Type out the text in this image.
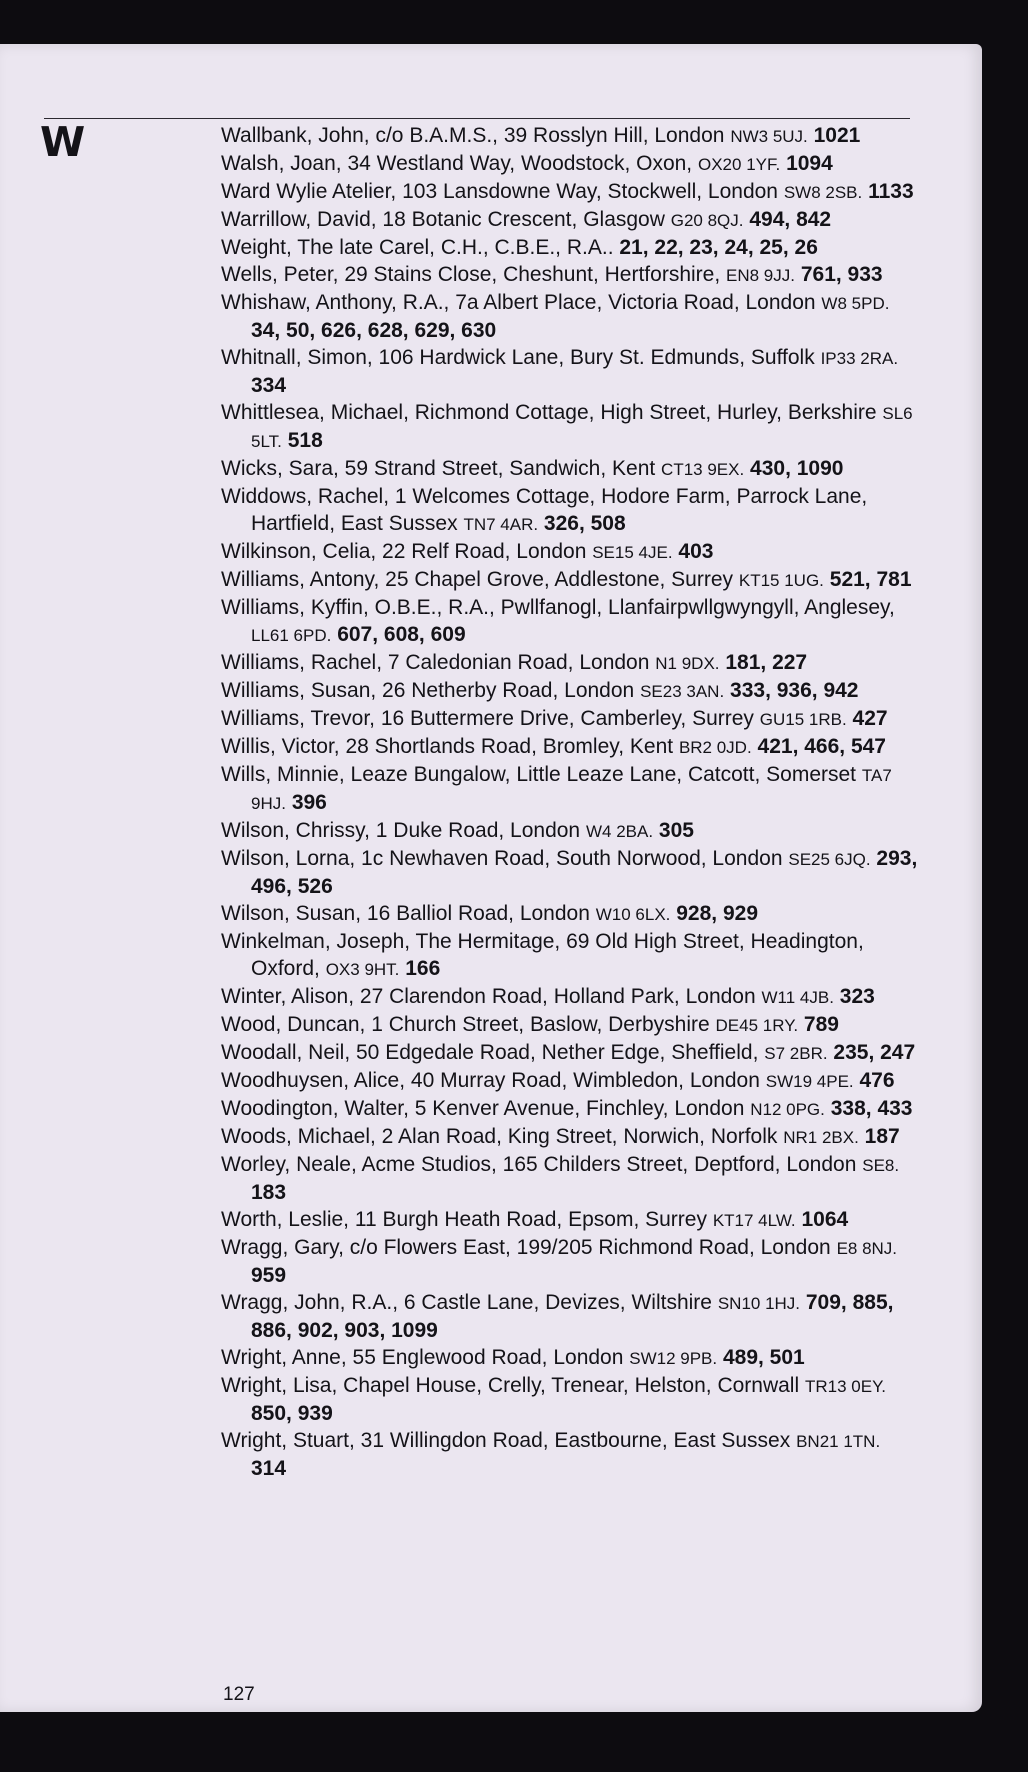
W	Wallbank, John, c/o B.A.M.S., 39 Rosslyn Hill, London NW3 5UJ. 1021

Walsh, Joan, 34 Westland Way, Woodstock, Oxon, OX20 1YF. 1094

Ward Wylie Atelier, 103 Lansdowne Way, Stockwell, London SW8 2SB. 1133

Warrillow, David, 18 Botanic Crescent, Glasgow G20 8QJ. 494, 842

Weight, The late Carel, C.H., C.B.E., R.A.. 21, 22, 23, 24, 25, 26

Wells, Peter, 29 Stains Close, Cheshunt, Hertforshire, EN8 9JJ. 761, 933

Whishaw, Anthony, R.A., 7a Albert Place, Victoria Road, London W8 5PD. 34, 50, 626, 628, 629, 630

Whitnall, Simon, 106 Hardwick Lane, Bury St. Edmunds, Suffolk IP33 2RA. 334

Whittlesea, Michael, Richmond Cottage, High Street, Hurley, Berkshire SL6 5LT. 518

Wicks, Sara, 59 Strand Street, Sandwich, Kent CT13 9EX. 430, 1090

Widdows, Rachel, 1 Welcomes Cottage, Hodore Farm, Parrock Lane, Hartfield, East Sussex TN7 4AR. 326, 508

Wilkinson, Celia, 22 Relf Road, London SE15 4JE. 403

Williams, Antony, 25 Chapel Grove, Addlestone, Surrey KT15 1UG. 521, 781

Williams, Kyffin, O.B.E., R.A., Pwllfanogl, Llanfairpwllgwyngyll, Anglesey, LL61 6PD. 607, 608, 609

Williams, Rachel, 7 Caledonian Road, London N1 9DX. 181, 227

Williams, Susan, 26 Netherby Road, London SE23 3AN. 333, 936, 942

Williams, Trevor, 16 Buttermere Drive, Camberley, Surrey GU15 1RB. 427

Willis, Victor, 28 Shortlands Road, Bromley, Kent BR2 0JD. 421, 466, 547

Wills, Minnie, Leaze Bungalow, Little Leaze Lane, Catcott, Somerset TA7 9HJ. 396

Wilson, Chrissy, 1 Duke Road, London W4 2BA. 305

Wilson, Lorna, 1c Newhaven Road, South Norwood, London SE25 6JQ. 293, 496, 526

Wilson, Susan, 16 Balliol Road, London W10 6LX. 928, 929

Winkelman, Joseph, The Hermitage, 69 Old High Street, Headington, Oxford, OX3 9HT. 166

Winter, Alison, 27 Clarendon Road, Holland Park, London W11 4JB. 323

Wood, Duncan, 1 Church Street, Baslow, Derbyshire DE45 1RY. 789

Woodall, Neil, 50 Edgedale Road, Nether Edge, Sheffield, S7 2BR. 235, 247

Woodhuysen, Alice, 40 Murray Road, Wimbledon, London SW19 4PE. 476

Woodington, Walter, 5 Kenver Avenue, Finchley, London N12 0PG. 338, 433

Woods, Michael, 2 Alan Road, King Street, Norwich, Norfolk NR1 2BX. 187

Worley, Neale, Acme Studios, 165 Childers Street, Deptford, London SE8. 183

Worth, Leslie, 11 Burgh Heath Road, Epsom, Surrey KT17 4LW. 1064

Wragg, Gary, c/o Flowers East, 199/205 Richmond Road, London E8 8NJ. 959

Wragg, John, R.A., 6 Castle Lane, Devizes, Wiltshire SN10 1HJ. 709, 885, 886, 902, 903, 1099

Wright, Anne, 55 Englewood Road, London SW12 9PB. 489, 501

Wright, Lisa, Chapel House, Crelly, Trenear, Helston, Cornwall TR13 0EY. 850, 939

Wright, Stuart, 31 Willingdon Road, Eastbourne, East Sussex BN21 1TN. 314

127
